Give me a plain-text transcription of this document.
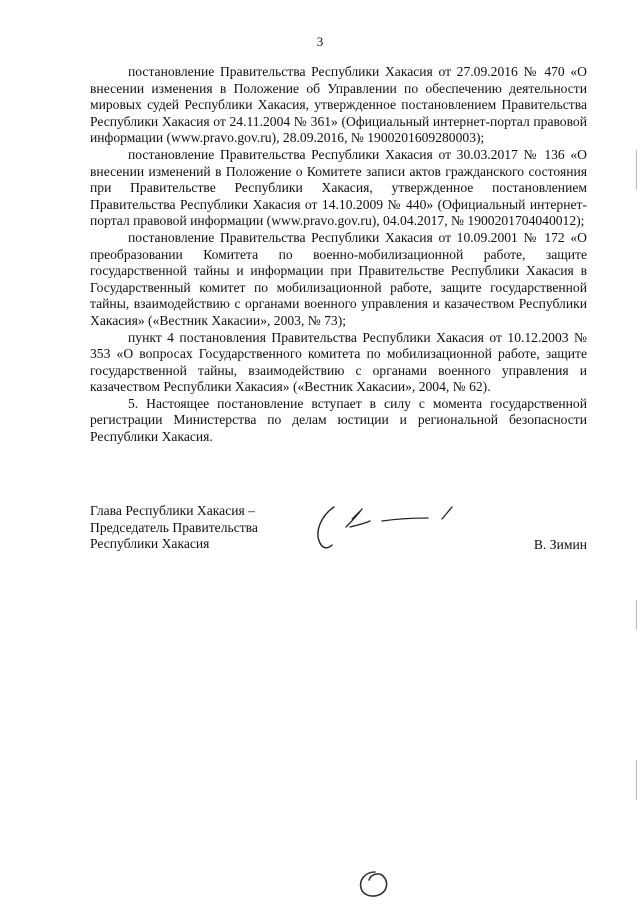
3

постановление Правительства Республики Хакасия от 27.09.2016 № 470 «О внесении изменения в Положение об Управлении по обеспечению деятельности мировых судей Республики Хакасия, утвержденное постановлением Правительства Республики Хакасия от 24.11.2004 № 361» (Официальный интернет-портал правовой информации (www.pravo.gov.ru), 28.09.2016, № 1900201609280003);

постановление Правительства Республики Хакасия от 30.03.2017 № 136 «О внесении изменений в Положение о Комитете записи актов гражданского состояния при Правительстве Республики Хакасия, утвержденное постановлением Правительства Республики Хакасия от 14.10.2009 № 440» (Официальный интернет-портал правовой информации (www.pravo.gov.ru), 04.04.2017, № 1900201704040012);

постановление Правительства Республики Хакасия от 10.09.2001 № 172 «О преобразовании Комитета по военно-мобилизационной работе, защите государственной тайны и информации при Правительстве Республики Хакасия в Государственный комитет по мобилизационной работе, защите государственной тайны, взаимодействию с органами военного управления и казачеством Республики Хакасия» («Вестник Хакасии», 2003, № 73);

пункт 4 постановления Правительства Республики Хакасия от 10.12.2003 № 353 «О вопросах Государственного комитета по мобилизационной работе, защите государственной тайны, взаимодействию с органами военного управления и казачеством Республики Хакасия» («Вестник Хакасии», 2004, № 62).

5. Настоящее постановление вступает в силу с момента государственной регистрации Министерства по делам юстиции и региональной безопасности Республики Хакасия.

Глава Республики Хакасия –
Председатель Правительства
Республики Хакасия	В. Зимин
